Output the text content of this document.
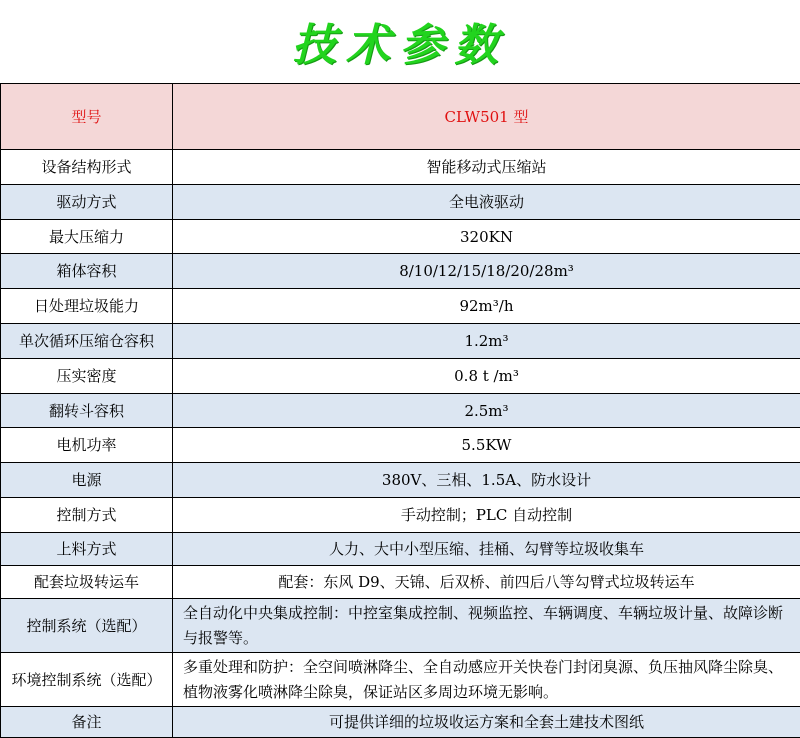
技术参数
型号	CLW501 型
设备结构形式	智能移动式压缩站
驱动方式	全电液驱动
最大压缩力	320KN
箱体容积	8/10/12/15/18/20/28m³
日处理垃圾能力	92m³/h
单次循环压缩仓容积	1.2m³
压实密度	0.8 t /m³
翻转斗容积	2.5m³
电机功率	5.5KW
电源	380V、三相、1.5A、防水设计
控制方式	手动控制；PLC 自动控制
上料方式	人力、大中小型压缩、挂桶、勾臂等垃圾收集车
配套垃圾转运车	配套：东风 D9、天锦、后双桥、前四后八等勾臂式垃圾转运车
控制系统（选配）	全自动化中央集成控制：中控室集成控制、视频监控、车辆调度、车辆垃圾计量、故障诊断与报警等。
环境控制系统（选配）	多重处理和防护：全空间喷淋降尘、全自动感应开关快卷门封闭臭源、负压抽风降尘除臭、植物液雾化喷淋降尘除臭，保证站区多周边环境无影响。
备注	可提供详细的垃圾收运方案和全套土建技术图纸
